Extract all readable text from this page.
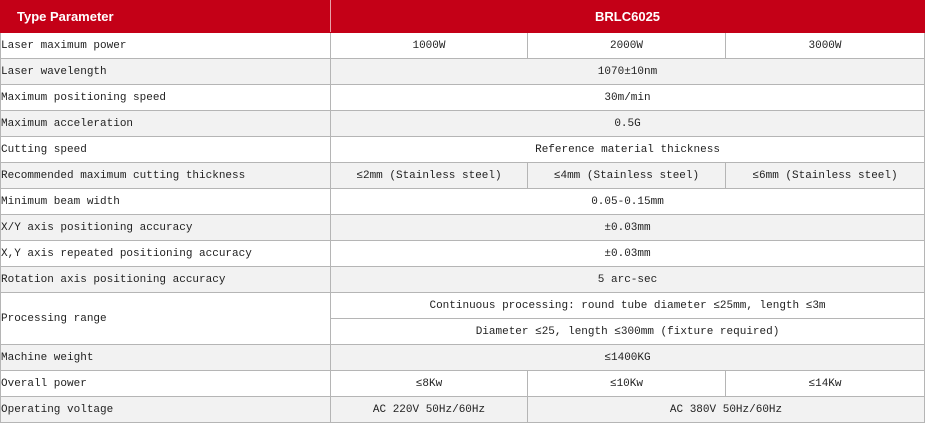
Type Parameter	BRLC6025		
Laser maximum power	1000W	2000W	3000W
Laser wavelength	1070±10nm		
Maximum positioning speed	30m/min		
Maximum acceleration	0.5G		
Cutting speed	Reference material thickness		
Recommended maximum cutting thickness	≤2mm (Stainless steel)	≤4mm (Stainless steel)	≤6mm (Stainless steel)
Minimum beam width	0.05-0.15mm		
X/Y axis positioning accuracy	±0.03mm		
X,Y axis repeated positioning accuracy	±0.03mm		
Rotation axis positioning accuracy	5 arc-sec		
Processing range	Continuous processing: round tube diameter ≤25mm, length ≤3m		
	Diameter ≤25, length ≤300mm (fixture required)		
Machine weight	≤1400KG		
Overall power	≤8Kw	≤10Kw	≤14Kw
Operating voltage	AC 220V 50Hz/60Hz	AC 380V 50Hz/60Hz	
